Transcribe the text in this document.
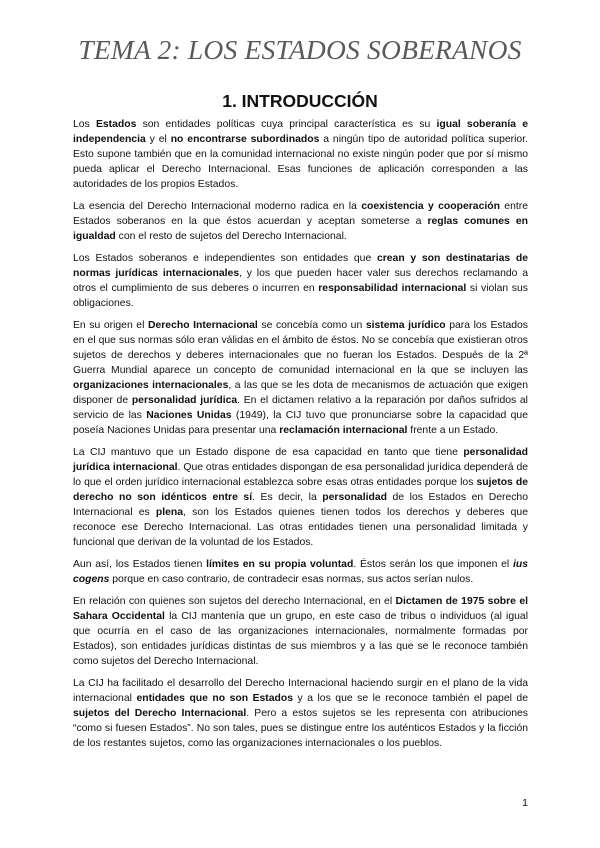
TEMA 2: LOS ESTADOS SOBERANOS
1. INTRODUCCIÓN

Los Estados son entidades políticas cuya principal característica es su igual soberanía e independencia y el no encontrarse subordinados a ningún tipo de autoridad política superior. Esto supone también que en la comunidad internacional no existe ningún poder que por sí mismo pueda aplicar el Derecho Internacional. Esas funciones de aplicación corresponden a las autoridades de los propios Estados.

La esencia del Derecho Internacional moderno radica en la coexistencia y cooperación entre Estados soberanos en la que éstos acuerdan y aceptan someterse a reglas comunes en igualdad con el resto de sujetos del Derecho Internacional.

Los Estados soberanos e independientes son entidades que crean y son destinatarias de normas jurídicas internacionales, y los que pueden hacer valer sus derechos reclamando a otros el cumplimiento de sus deberes o incurren en responsabilidad internacional si violan sus obligaciones.

En su origen el Derecho Internacional se concebía como un sistema jurídico para los Estados en el que sus normas sólo eran válidas en el ámbito de éstos. No se concebía que existieran otros sujetos de derechos y deberes internacionales que no fueran los Estados. Después de la 2ª Guerra Mundial aparece un concepto de comunidad internacional en la que se incluyen las organizaciones internacionales, a las que se les dota de mecanismos de actuación que exigen disponer de personalidad jurídica. En el dictamen relativo a la reparación por daños sufridos al servicio de las Naciones Unidas (1949), la CIJ tuvo que pronunciarse sobre la capacidad que poseía Naciones Unidas para presentar una reclamación internacional frente a un Estado.

La CIJ mantuvo que un Estado dispone de esa capacidad en tanto que tiene personalidad jurídica internacional. Que otras entidades dispongan de esa personalidad jurídica dependerá de lo que el orden jurídico internacional establezca sobre esas otras entidades porque los sujetos de derecho no son idénticos entre sí. Es decir, la personalidad de los Estados en Derecho Internacional es plena, son los Estados quienes tienen todos los derechos y deberes que reconoce ese Derecho Internacional. Las otras entidades tienen una personalidad limitada y funcional que derivan de la voluntad de los Estados.

Aun así, los Estados tienen límites en su propia voluntad. Éstos serán los que imponen el ius cogens porque en caso contrario, de contradecir esas normas, sus actos serían nulos.

En relación con quienes son sujetos del derecho Internacional, en el Dictamen de 1975 sobre el Sahara Occidental la CIJ mantenía que un grupo, en este caso de tribus o individuos (al igual que ocurría en el caso de las organizaciones internacionales, normalmente formadas por Estados), son entidades jurídicas distintas de sus miembros y a las que se le reconoce también como sujetos del Derecho Internacional.

La CIJ ha facilitado el desarrollo del Derecho Internacional haciendo surgir en el plano de la vida internacional entidades que no son Estados y a los que se le reconoce también el papel de sujetos del Derecho Internacional. Pero a estos sujetos se les representa con atribuciones “como si fuesen Estados”. No son tales, pues se distingue entre los auténticos Estados y la ficción de los restantes sujetos, como las organizaciones internacionales o los pueblos.

1
